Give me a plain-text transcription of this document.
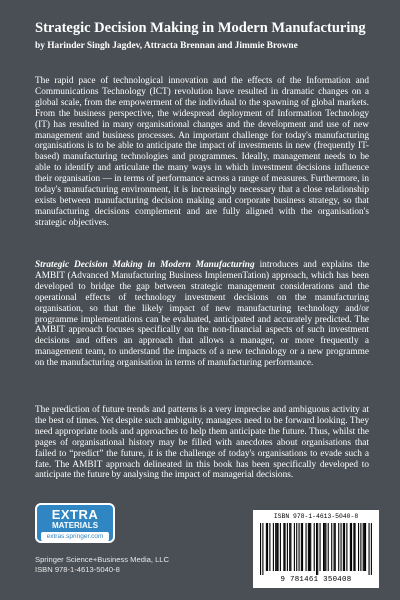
Strategic Decision Making in Modern Manufacturing

by Harinder Singh Jagdev, Attracta Brennan and Jimmie Browne

The rapid pace of technological innovation and the effects of the Information and Communications Technology (ICT) revolution have resulted in dramatic changes on a global scale, from the empowerment of the individual to the spawning of global markets. From the business perspective, the widespread deployment of Information Technology (IT) has resulted in many organisational changes and the development and use of new management and business processes. An important challenge for today's manufacturing organisations is to be able to anticipate the impact of investments in new (frequently IT-based) manufacturing technologies and programmes. Ideally, management needs to be able to identify and articulate the many ways in which investment decisions influence their organisation — in terms of performance across a range of measures. Furthermore, in today's manufacturing environment, it is increasingly necessary that a close relationship exists between manufacturing decision making and corporate business strategy, so that manufacturing decisions complement and are fully aligned with the organisation's strategic objectives.

Strategic Decision Making in Modern Manufacturing introduces and explains the AMBIT (Advanced Manufacturing Business ImplemenTation) approach, which has been developed to bridge the gap between strategic management considerations and the operational effects of technology investment decisions on the manufacturing organisation, so that the likely impact of new manufacturing technology and/or programme implementations can be evaluated, anticipated and accurately predicted. The AMBIT approach focuses specifically on the non-financial aspects of such investment decisions and offers an approach that allows a manager, or more frequently a management team, to understand the impacts of a new technology or a new programme on the manufacturing organisation in terms of manufacturing performance.

The prediction of future trends and patterns is a very imprecise and ambiguous activity at the best of times. Yet despite such ambiguity, managers need to be forward looking. They need appropriate tools and approaches to help them anticipate the future. Thus, whilst the pages of organisational history may be filled with anecdotes about organisations that failed to “predict” the future, it is the challenge of today's organisations to evade such a fate. The AMBIT approach delineated in this book has been specifically developed to anticipate the future by analysing the impact of managerial decisions.

EXTRA
MATERIALS
extras.springer.com

Springer Science+Business Media, LLC
ISBN 978-1-4613-5040-8

ISBN 978-1-4613-5040-8
9 781461 350408
